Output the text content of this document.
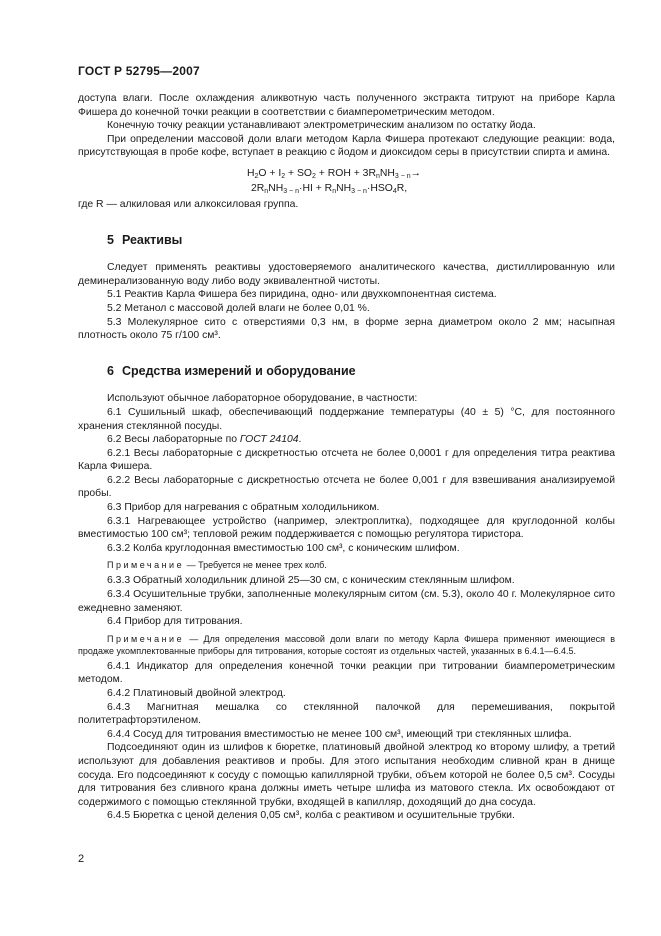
ГОСТ Р 52795—2007

доступа влаги. После охлаждения аликвотную часть полученного экстракта титруют на приборе Карла Фишера до конечной точки реакции в соответствии с биамперометрическим методом.

Конечную точку реакции устанавливают электрометрическим анализом по остатку йода.

При определении массовой доли влаги методом Карла Фишера протекают следующие реакции: вода, присутствующая в пробе кофе, вступает в реакцию с йодом и диоксидом серы в присутствии спирта и амина.

$H_2O + I_2 + SO_2$ + ROH + $3R_nNH_{3 - n}\to$
$2R_nNH_{3 - n}\cdot HI + R_nNH_{3 - n}\cdot HSO_4R$,

где R — алкиловая или алкоксиловая группа.

5 Реактивы

Следует применять реактивы удостоверяемого аналитического качества, дистиллированную или деминерализованную воду либо воду эквивалентной чистоты.

5.1 Реактив Карла Фишера без пиридина, одно- или двухкомпонентная система.

5.2 Метанол с массовой долей влаги не более 0,01 %.

5.3 Молекулярное сито с отверстиями 0,3 нм, в форме зерна диаметром около 2 мм; насыпная плотность около 75 г/100 см³.

6 Средства измерений и оборудование

Используют обычное лабораторное оборудование, в частности:

6.1 Сушильный шкаф, обеспечивающий поддержание температуры (40 ± 5) °С, для постоянного хранения стеклянной посуды.

6.2 Весы лабораторные по ГОСТ 24104.

6.2.1 Весы лабораторные с дискретностью отсчета не более 0,0001 г для определения титра реактива Карла Фишера.

6.2.2 Весы лабораторные с дискретностью отсчета не более 0,001 г для взвешивания анализируемой пробы.

6.3 Прибор для нагревания с обратным холодильником.

6.3.1 Нагревающее устройство (например, электроплитка), подходящее для круглодонной колбы вместимостью 100 см³; тепловой режим поддерживается с помощью регулятора тиристора.

6.3.2 Колба круглодонная вместимостью 100 см³, с коническим шлифом.

Примечание — Требуется не менее трех колб.

6.3.3 Обратный холодильник длиной 25—30 см, с коническим стеклянным шлифом.

6.3.4 Осушительные трубки, заполненные молекулярным ситом (см. 5.3), около 40 г. Молекулярное сито ежедневно заменяют.

6.4 Прибор для титрования.

Примечание — Для определения массовой доли влаги по методу Карла Фишера применяют имеющиеся в продаже укомплектованные приборы для титрования, которые состоят из отдельных частей, указанных в 6.4.1—6.4.5.

6.4.1 Индикатор для определения конечной точки реакции при титровании биамперометрическим методом.

6.4.2 Платиновый двойной электрод.

6.4.3 Магнитная мешалка со стеклянной палочкой для перемешивания, покрытой политетрафторэтиленом.

6.4.4 Сосуд для титрования вместимостью не менее 100 см³, имеющий три стеклянных шлифа.

Подсоединяют один из шлифов к бюретке, платиновый двойной электрод ко второму шлифу, а третий используют для добавления реактивов и пробы. Для этого испытания необходим сливной кран в днище сосуда. Его подсоединяют к сосуду с помощью капиллярной трубки, объем которой не более 0,5 см³. Сосуды для титрования без сливного крана должны иметь четыре шлифа из матового стекла. Их освобождают от содержимого с помощью стеклянной трубки, входящей в капилляр, доходящий до дна сосуда.

6.4.5 Бюретка с ценой деления 0,05 см³, колба с реактивом и осушительные трубки.

2
